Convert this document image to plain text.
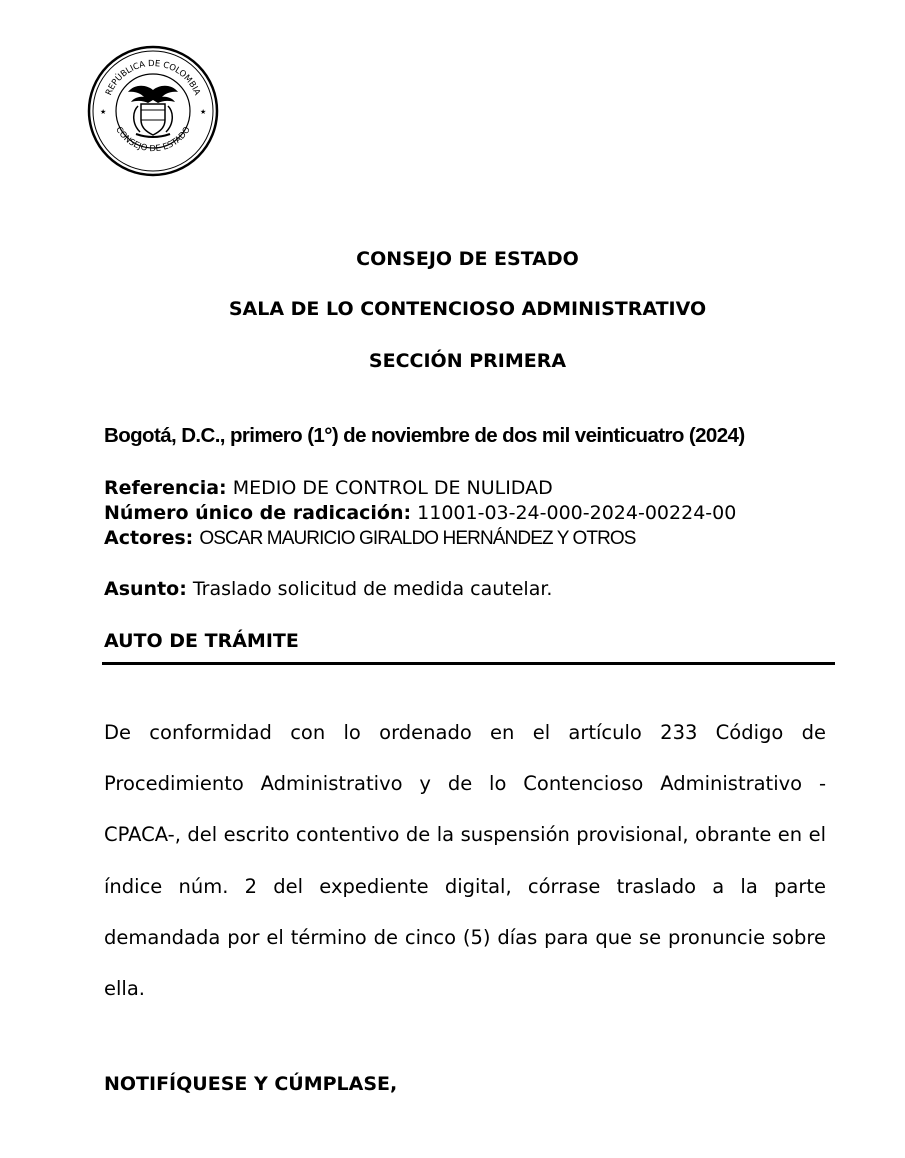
REPÚBLICA DE COLOMBIA
CONSEJO DE ESTADO
★	★
CONSEJO DE ESTADO
SALA DE LO CONTENCIOSO ADMINISTRATIVO
SECCIÓN PRIMERA
Bogotá, D.C., primero (1°) de noviembre de dos mil veinticuatro (2024)
Referencia: MEDIO DE CONTROL DE NULIDAD
Número único de radicación: 11001-03-24-000-2024-00224-00
Actores: OSCAR MAURICIO GIRALDO HERNÁNDEZ Y OTROS
Asunto: Traslado solicitud de medida cautelar.
AUTO DE TRÁMITE
De conformidad con lo ordenado en el artículo 233 Código de Procedimiento Administrativo y de lo Contencioso Administrativo -CPACA-, del escrito contentivo de la suspensión provisional, obrante en el índice núm. 2 del expediente digital, córrase traslado a la parte demandada por el término de cinco (5) días para que se pronuncie sobre ella.
NOTIFÍQUESE Y CÚMPLASE,
